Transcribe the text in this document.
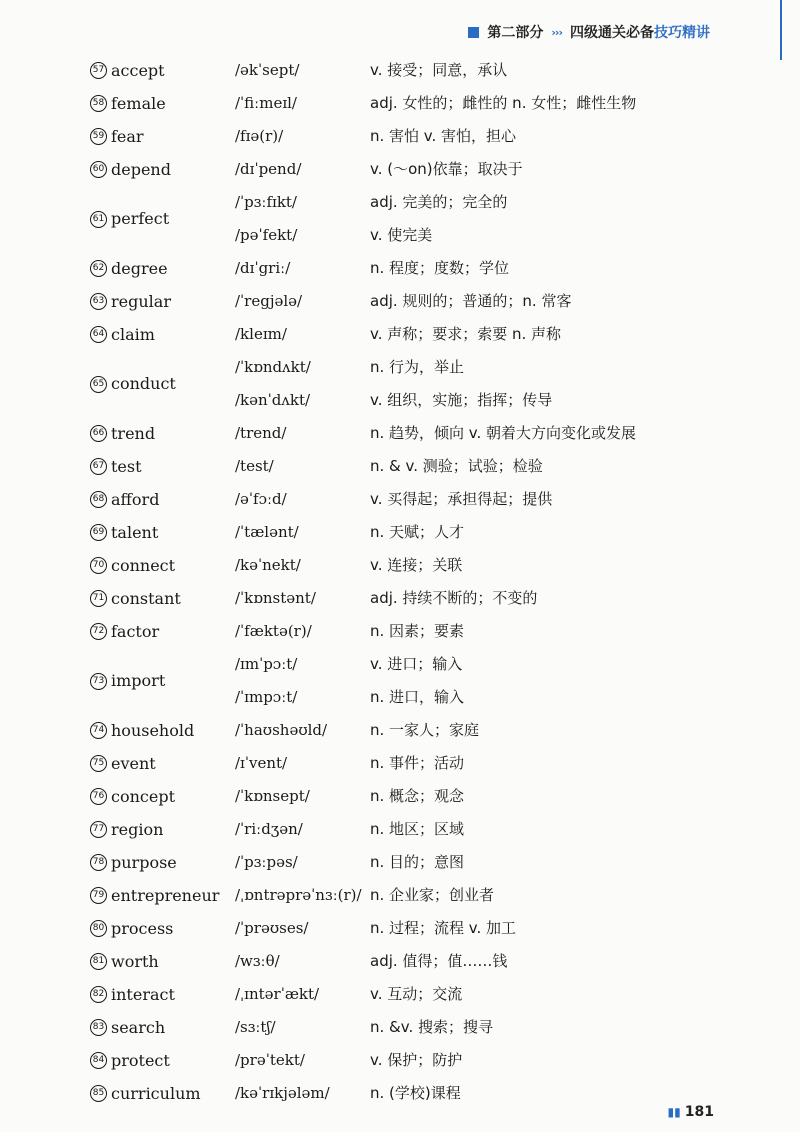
第二部分 ››› 四级通关必备 技巧精讲
57 accept	/əkˈsept/	v. 接受；同意，承认
58 female	/ˈfiːmeɪl/	adj. 女性的；雌性的 n. 女性；雌性生物
59 fear	/fɪə(r)/	n. 害怕 v. 害怕，担心
60 depend	/dɪˈpend/	v. (～on)依靠；取决于
61 perfect
/ˈpɜːfɪkt/	adj. 完美的；完全的
/pəˈfekt/	v. 使完美
62 degree	/dɪˈgriː/	n. 程度；度数；学位
63 regular	/ˈregjələ/	adj. 规则的；普通的；n. 常客
64 claim	/kleɪm/	v. 声称；要求；索要 n. 声称
65 conduct
/ˈkɒndʌkt/	n. 行为，举止
/kənˈdʌkt/	v. 组织，实施；指挥；传导
66 trend	/trend/	n. 趋势，倾向 v. 朝着大方向变化或发展
67 test	/test/	n. & v. 测验；试验；检验
68 afford	/əˈfɔːd/	v. 买得起；承担得起；提供
69 talent	/ˈtælənt/	n. 天赋；人才
70 connect	/kəˈnekt/	v. 连接；关联
71 constant	/ˈkɒnstənt/	adj. 持续不断的；不变的
72 factor	/ˈfæktə(r)/	n. 因素；要素
73 import
/ɪmˈpɔːt/	v. 进口；输入
/ˈɪmpɔːt/	n. 进口，输入
74 household	/ˈhaʊshəʊld/	n. 一家人；家庭
75 event	/ɪˈvent/	n. 事件；活动
76 concept	/ˈkɒnsept/	n. 概念；观念
77 region	/ˈriːdʒən/	n. 地区；区域
78 purpose	/ˈpɜːpəs/	n. 目的；意图
79 entrepreneur /ˌɒntrəprəˈnɜː(r)/ n. 企业家；创业者
80 process	/ˈprəʊses/	n. 过程；流程 v. 加工
81 worth	/wɜːθ/	adj. 值得；值……钱
82 interact	/ˌɪntərˈækt/	v. 互动；交流
83 search	/sɜːtʃ/	n. &v. 搜索；搜寻
84 protect	/prəˈtekt/	v. 保护；防护
85 curriculum /kəˈrɪkjələm/	n. (学校)课程
▮▮ 181
